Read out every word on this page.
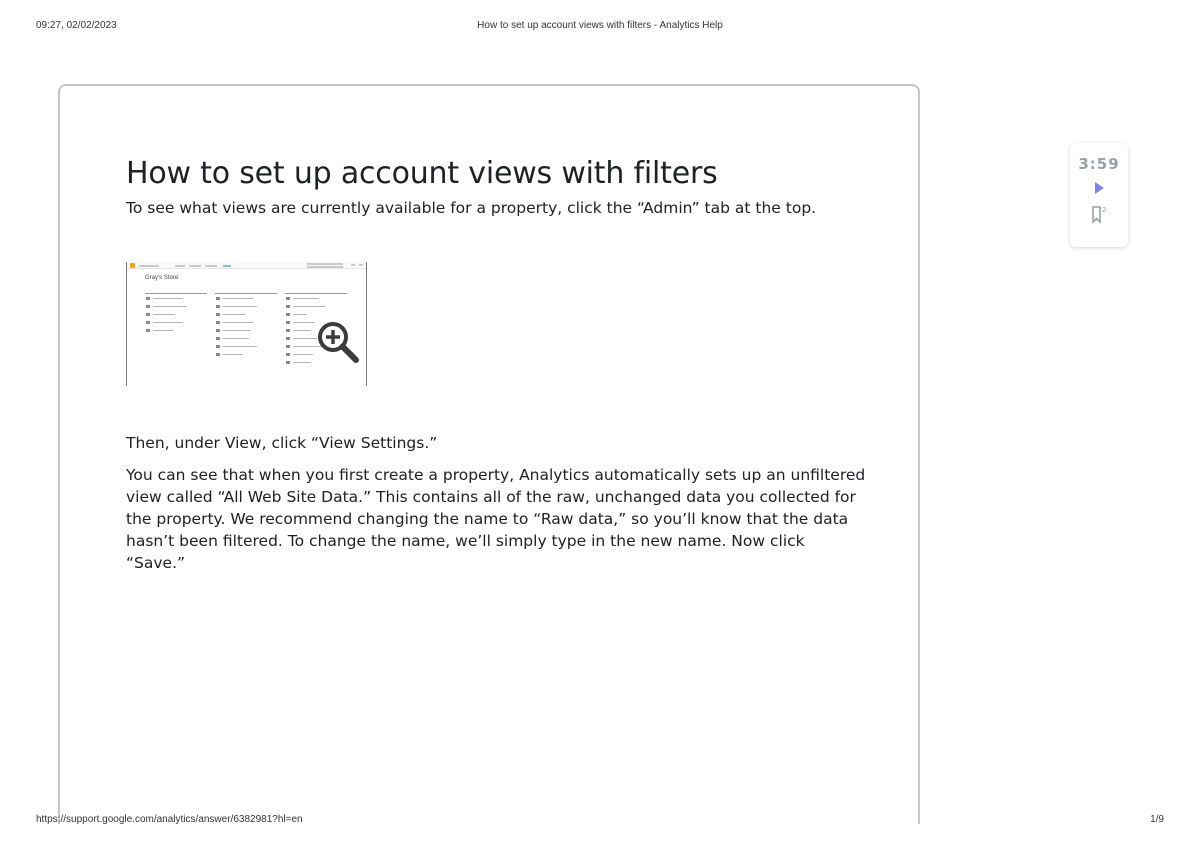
09:27, 02/02/2023	How to set up account views with filters - Analytics Help
How to set up account views with filters

To see what views are currently available for a property, click the “Admin” tab at the top.

Gray's Store

Then, under View, click “View Settings.”

You can see that when you first create a property, Analytics automatically sets up an unfiltered view called “All Web Site Data.” This contains all of the raw, unchanged data you collected for the property. We recommend changing the name to “Raw data,” so you’ll know that the data hasn’t been filtered. To change the name, we’ll simply type in the new name. Now click “Save.”

3:59
2
https://support.google.com/analytics/answer/6382981?hl=en	1/9
